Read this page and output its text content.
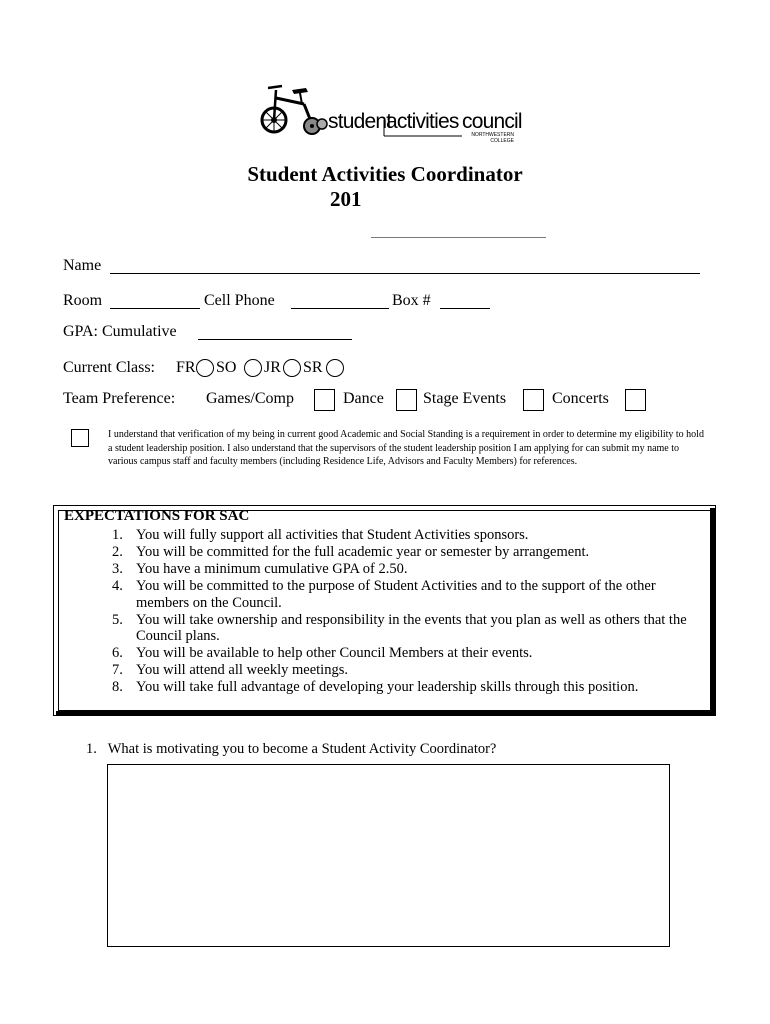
student
activities council
NORTHWESTERN
COLLEGE
Student Activities Coordinator
201
Name
Room	Cell Phone	Box #
GPA: Cumulative
Current Class: FR SO JR SR
Team Preference: Games/Comp	Dance Stage Events	Concerts
I understand that verification of my being in current good Academic and Social Standing is a requirement in order to determine my eligibility to hold a student leadership position. I also understand that the supervisors of the student leadership position I am applying for can submit my name to various campus staff and faculty members (including Residence Life, Advisors and Faculty Members) for references.
EXPECTATIONS FOR SAC
1. You will fully support all activities that Student Activities sponsors.
2. You will be committed for the full academic year or semester by arrangement.
3. You have a minimum cumulative GPA of 2.50.
4. You will be committed to the purpose of Student Activities and to the support of the other members on the Council.
5. You will take ownership and responsibility in the events that you plan as well as others that the Council plans.
6. You will be available to help other Council Members at their events.
7. You will attend all weekly meetings.
8. You will take full advantage of developing your leadership skills through this position.
1. What is motivating you to become a Student Activity Coordinator?
